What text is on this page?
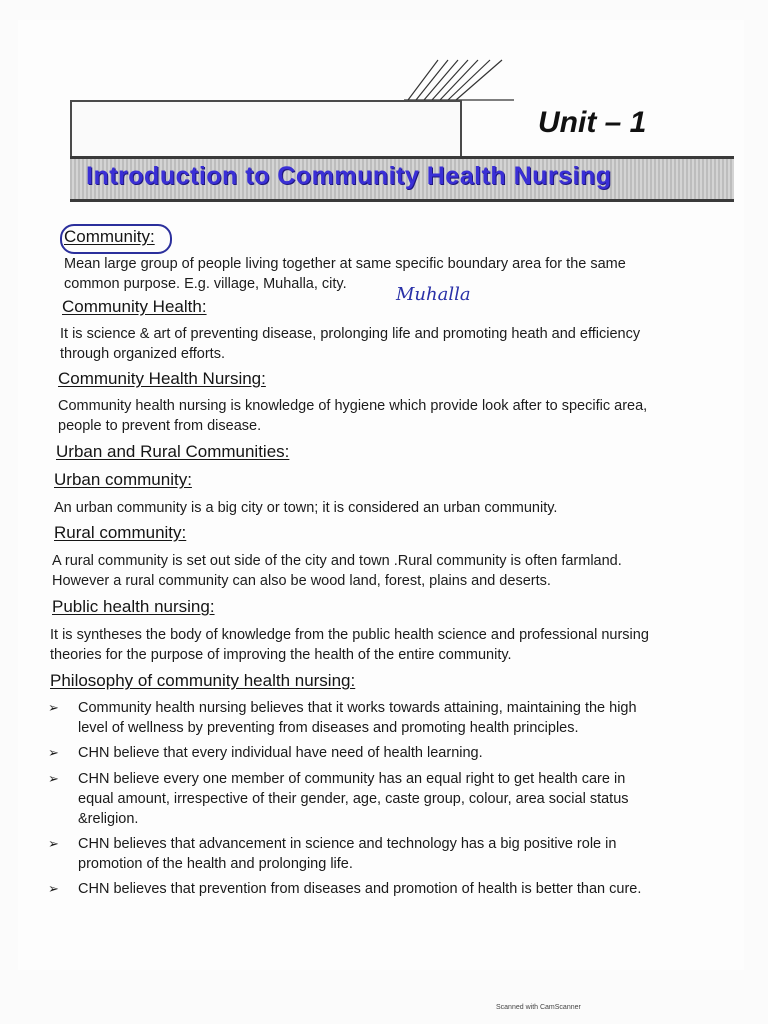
Unit – 1
Introduction to Community Health Nursing
Community:
Mean large group of people living together at same specific boundary area for the same
common purpose. E.g. village, Muhalla, city.	Muhalla
Community Health:
It is science & art of preventing disease, prolonging life and promoting heath and efficiency
through organized efforts.
Community Health Nursing:
Community health nursing is knowledge of hygiene which provide look after to specific area,
people to prevent from disease.
Urban and Rural Communities:
Urban community:
An urban community is a big city or town; it is considered an urban community.
Rural community:
A rural community is set out side of the city and town .Rural community is often farmland.
However a rural community can also be wood land, forest, plains and deserts.
Public health nursing:
It is syntheses the body of knowledge from the public health science and professional nursing
theories for the purpose of improving the health of the entire community.
Philosophy of community health nursing:
➢ Community health nursing believes that it works towards attaining, maintaining the high
level of wellness by preventing from diseases and promoting health principles.
➢ CHN believe that every individual have need of health learning.
➢ CHN believe every one member of community has an equal right to get health care in
equal amount, irrespective of their gender, age, caste group, colour, area social status
&religion.
➢ CHN believes that advancement in science and technology has a big positive role in
promotion of the health and prolonging life.
➢ CHN believes that prevention from diseases and promotion of health is better than cure.
Scanned with CamScanner
